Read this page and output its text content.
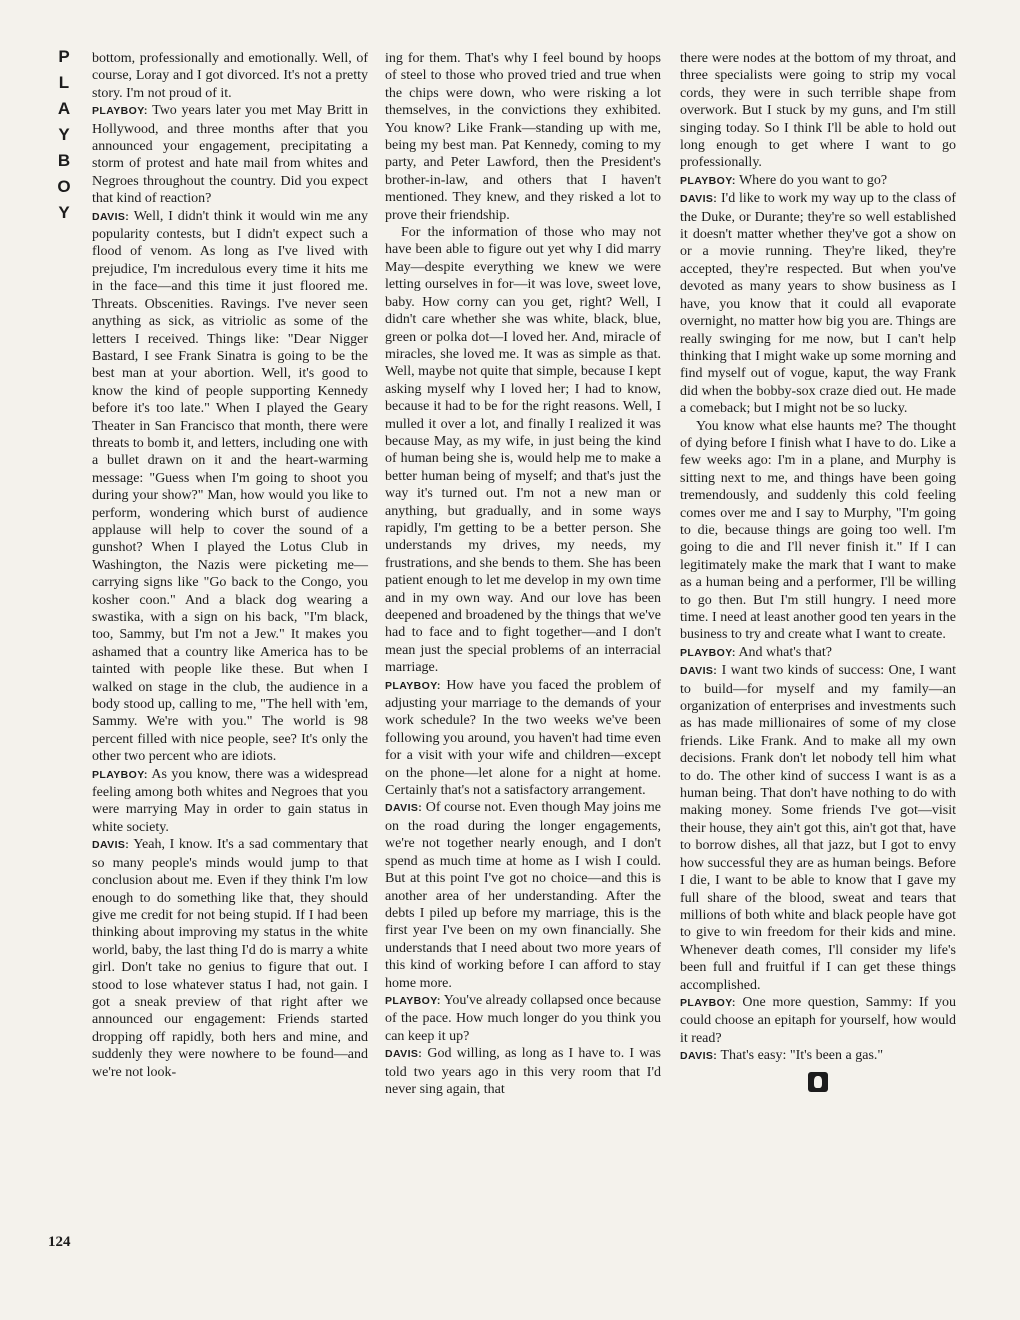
P
L
A
Y
B
O
Y

bottom, professionally and emotionally. Well, of course, Loray and I got divorced. It's not a pretty story. I'm not proud of it.

PLAYBOY: Two years later you met May Britt in Hollywood, and three months after that you announced your engagement, precipitating a storm of protest and hate mail from whites and Negroes throughout the country. Did you expect that kind of reaction?

DAVIS: Well, I didn't think it would win me any popularity contests, but I didn't expect such a flood of venom. As long as I've lived with prejudice, I'm incredulous every time it hits me in the face—and this time it just floored me. Threats. Obscenities. Ravings. I've never seen anything as sick, as vitriolic as some of the letters I received. Things like: "Dear Nigger Bastard, I see Frank Sinatra is going to be the best man at your abortion. Well, it's good to know the kind of people supporting Kennedy before it's too late." When I played the Geary Theater in San Francisco that month, there were threats to bomb it, and letters, including one with a bullet drawn on it and the heart-warming message: "Guess when I'm going to shoot you during your show?" Man, how would you like to perform, wondering which burst of audience applause will help to cover the sound of a gunshot? When I played the Lotus Club in Washington, the Nazis were picketing me—carrying signs like "Go back to the Congo, you kosher coon." And a black dog wearing a swastika, with a sign on his back, "I'm black, too, Sammy, but I'm not a Jew." It makes you ashamed that a country like America has to be tainted with people like these. But when I walked on stage in the club, the audience in a body stood up, calling to me, "The hell with 'em, Sammy. We're with you." The world is 98 percent filled with nice people, see? It's only the other two percent who are idiots.

PLAYBOY: As you know, there was a widespread feeling among both whites and Negroes that you were marrying May in order to gain status in white society.

DAVIS: Yeah, I know. It's a sad commentary that so many people's minds would jump to that conclusion about me. Even if they think I'm low enough to do something like that, they should give me credit for not being stupid. If I had been thinking about improving my status in the white world, baby, the last thing I'd do is marry a white girl. Don't take no genius to figure that out. I stood to lose whatever status I had, not gain. I got a sneak preview of that right after we announced our engagement: Friends started dropping off rapidly, both hers and mine, and suddenly they were nowhere to be found—and we're not look-

ing for them. That's why I feel bound by hoops of steel to those who proved tried and true when the chips were down, who were risking a lot themselves, in the convictions they exhibited. You know? Like Frank—standing up with me, being my best man. Pat Kennedy, coming to my party, and Peter Lawford, then the President's brother-in-law, and others that I haven't mentioned. They knew, and they risked a lot to prove their friendship.

For the information of those who may not have been able to figure out yet why I did marry May—despite everything we knew we were letting ourselves in for—it was love, sweet love, baby. How corny can you get, right? Well, I didn't care whether she was white, black, blue, green or polka dot—I loved her. And, miracle of miracles, she loved me. It was as simple as that. Well, maybe not quite that simple, because I kept asking myself why I loved her; I had to know, because it had to be for the right reasons. Well, I mulled it over a lot, and finally I realized it was because May, as my wife, in just being the kind of human being she is, would help me to make a better human being of myself; and that's just the way it's turned out. I'm not a new man or anything, but gradually, and in some ways rapidly, I'm getting to be a better person. She understands my drives, my needs, my frustrations, and she bends to them. She has been patient enough to let me develop in my own time and in my own way. And our love has been deepened and broadened by the things that we've had to face and to fight together—and I don't mean just the special problems of an interracial marriage.

PLAYBOY: How have you faced the problem of adjusting your marriage to the demands of your work schedule? In the two weeks we've been following you around, you haven't had time even for a visit with your wife and children—except on the phone—let alone for a night at home. Certainly that's not a satisfactory arrangement.

DAVIS: Of course not. Even though May joins me on the road during the longer engagements, we're not together nearly enough, and I don't spend as much time at home as I wish I could. But at this point I've got no choice—and this is another area of her understanding. After the debts I piled up before my marriage, this is the first year I've been on my own financially. She understands that I need about two more years of this kind of working before I can afford to stay home more.

PLAYBOY: You've already collapsed once because of the pace. How much longer do you think you can keep it up?

DAVIS: God willing, as long as I have to. I was told two years ago in this very room that I'd never sing again, that

there were nodes at the bottom of my throat, and three specialists were going to strip my vocal cords, they were in such terrible shape from overwork. But I stuck by my guns, and I'm still singing today. So I think I'll be able to hold out long enough to get where I want to go professionally.

PLAYBOY: Where do you want to go?

DAVIS: I'd like to work my way up to the class of the Duke, or Durante; they're so well established it doesn't matter whether they've got a show on or a movie running. They're liked, they're accepted, they're respected. But when you've devoted as many years to show business as I have, you know that it could all evaporate overnight, no matter how big you are. Things are really swinging for me now, but I can't help thinking that I might wake up some morning and find myself out of vogue, kaput, the way Frank did when the bobby-sox craze died out. He made a comeback; but I might not be so lucky.

You know what else haunts me? The thought of dying before I finish what I have to do. Like a few weeks ago: I'm in a plane, and Murphy is sitting next to me, and things have been going tremendously, and suddenly this cold feeling comes over me and I say to Murphy, "I'm going to die, because things are going too well. I'm going to die and I'll never finish it." If I can legitimately make the mark that I want to make as a human being and a performer, I'll be willing to go then. But I'm still hungry. I need more time. I need at least another good ten years in the business to try and create what I want to create.

PLAYBOY: And what's that?

DAVIS: I want two kinds of success: One, I want to build—for myself and my family—an organization of enterprises and investments such as has made millionaires of some of my close friends. Like Frank. And to make all my own decisions. Frank don't let nobody tell him what to do. The other kind of success I want is as a human being. That don't have nothing to do with making money. Some friends I've got—visit their house, they ain't got this, ain't got that, have to borrow dishes, all that jazz, but I got to envy how successful they are as human beings. Before I die, I want to be able to know that I gave my full share of the blood, sweat and tears that millions of both white and black people have got to give to win freedom for their kids and mine. Whenever death comes, I'll consider my life's been full and fruitful if I can get these things accomplished.

PLAYBOY: One more question, Sammy: If you could choose an epitaph for yourself, how would it read?

DAVIS: That's easy: "It's been a gas."

124
